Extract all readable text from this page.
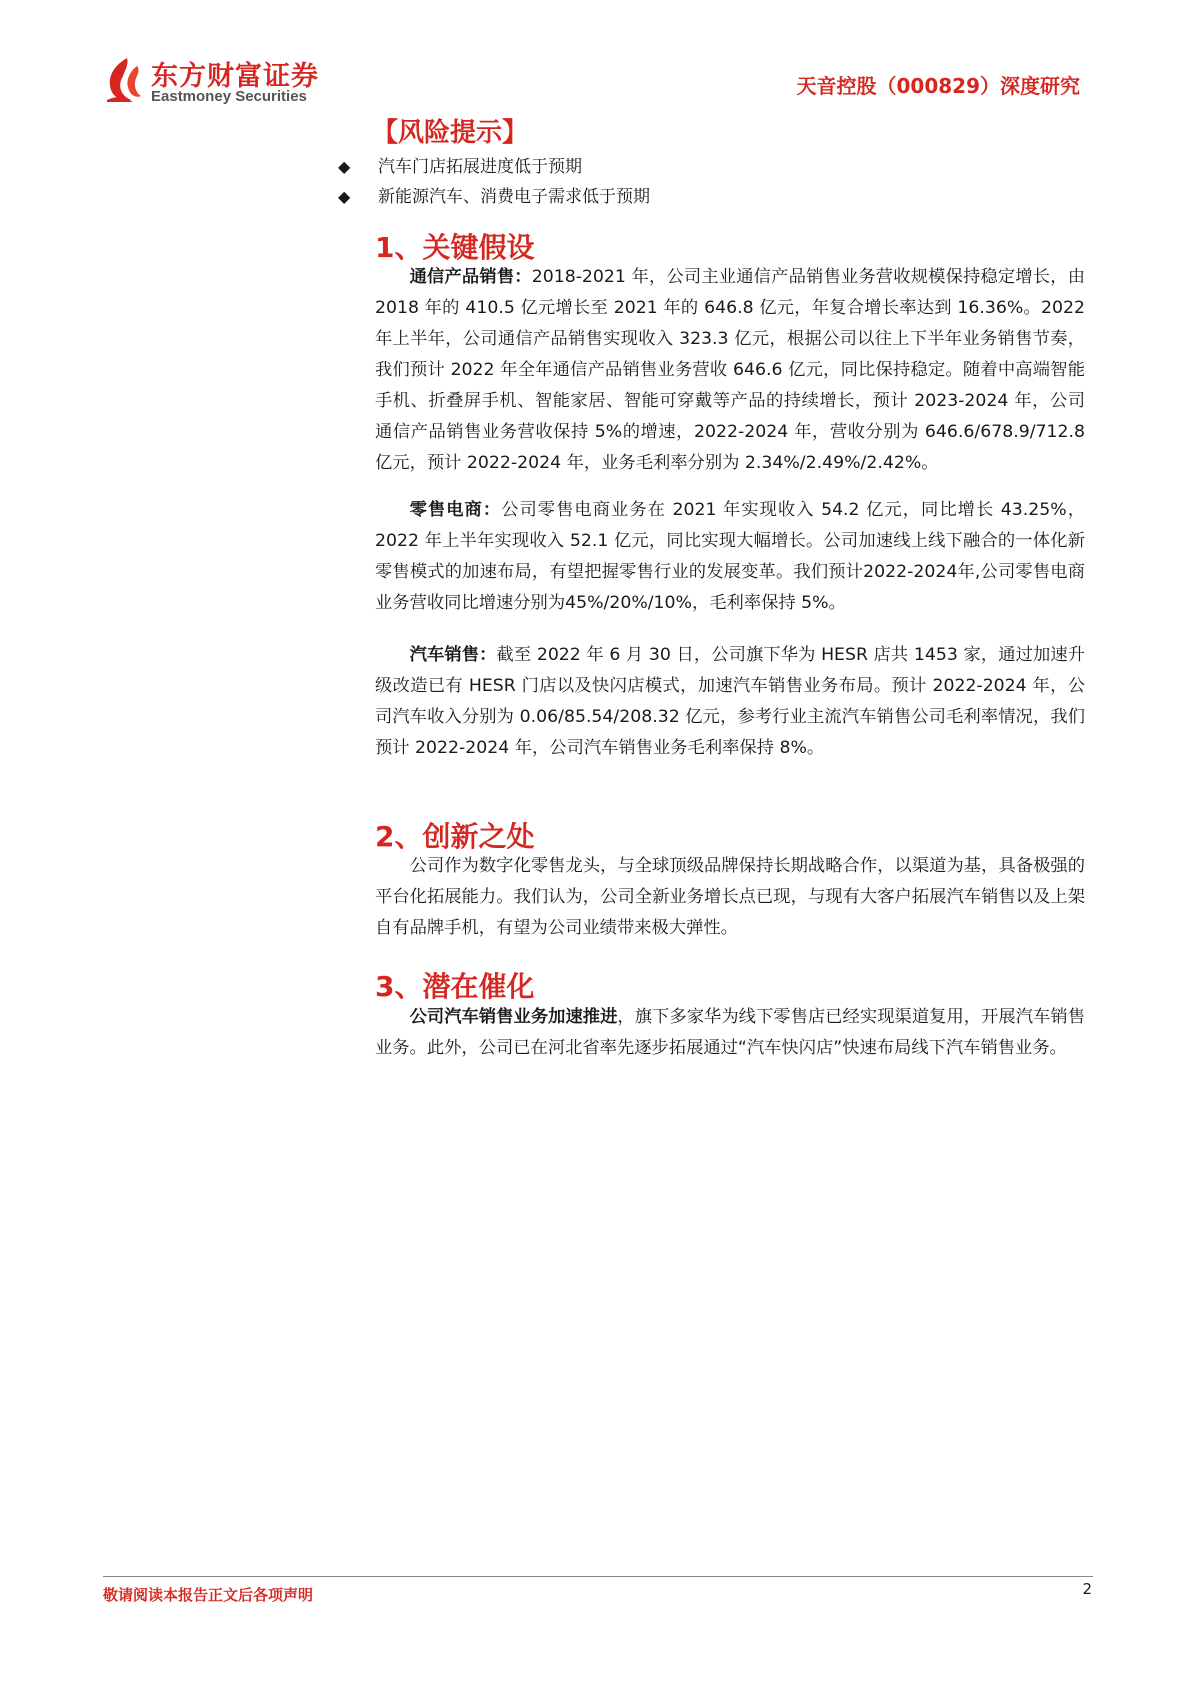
东方财富证券
Eastmoney Securities	天音控股（000829）深度研究
【风险提示】
◆ 汽车门店拓展进度低于预期
◆ 新能源汽车、消费电子需求低于预期
1、关键假设

通信产品销售：2018-2021 年，公司主业通信产品销售业务营收规模保持稳定增长，由 2018 年的 410.5 亿元增长至 2021 年的 646.8 亿元，年复合增长率达到 16.36%。2022 年上半年，公司通信产品销售实现收入 323.3 亿元，根据公司以往上下半年业务销售节奏，我们预计 2022 年全年通信产品销售业务营收 646.6 亿元，同比保持稳定。随着中高端智能手机、折叠屏手机、智能家居、智能可穿戴等产品的持续增长，预计 2023-2024 年，公司通信产品销售业务营收保持 5%的增速，2022-2024 年，营收分别为 646.6/678.9/712.8 亿元，预计 2022-2024 年，业务毛利率分别为 2.34%/2.49%/2.42%。

零售电商：公司零售电商业务在 2021 年实现收入 54.2 亿元，同比增长 43.25%，2022 年上半年实现收入 52.1 亿元，同比实现大幅增长。公司加速线上线下融合的一体化新零售模式的加速布局，有望把握零售行业的发展变革。我们预计2022-2024年,公司零售电商业务营收同比增速分别为45%/20%/10%，毛利率保持 5%。

汽车销售：截至 2022 年 6 月 30 日，公司旗下华为 HESR 店共 1453 家，通过加速升级改造已有 HESR 门店以及快闪店模式，加速汽车销售业务布局。预计 2022-2024 年，公司汽车收入分别为 0.06/85.54/208.32 亿元，参考行业主流汽车销售公司毛利率情况，我们预计 2022-2024 年，公司汽车销售业务毛利率保持 8%。

2、创新之处

公司作为数字化零售龙头，与全球顶级品牌保持长期战略合作，以渠道为基，具备极强的平台化拓展能力。我们认为，公司全新业务增长点已现，与现有大客户拓展汽车销售以及上架自有品牌手机，有望为公司业绩带来极大弹性。

3、潜在催化

公司汽车销售业务加速推进，旗下多家华为线下零售店已经实现渠道复用，开展汽车销售业务。此外，公司已在河北省率先逐步拓展通过“汽车快闪店”快速布局线下汽车销售业务。

敬请阅读本报告正文后各项声明	2
